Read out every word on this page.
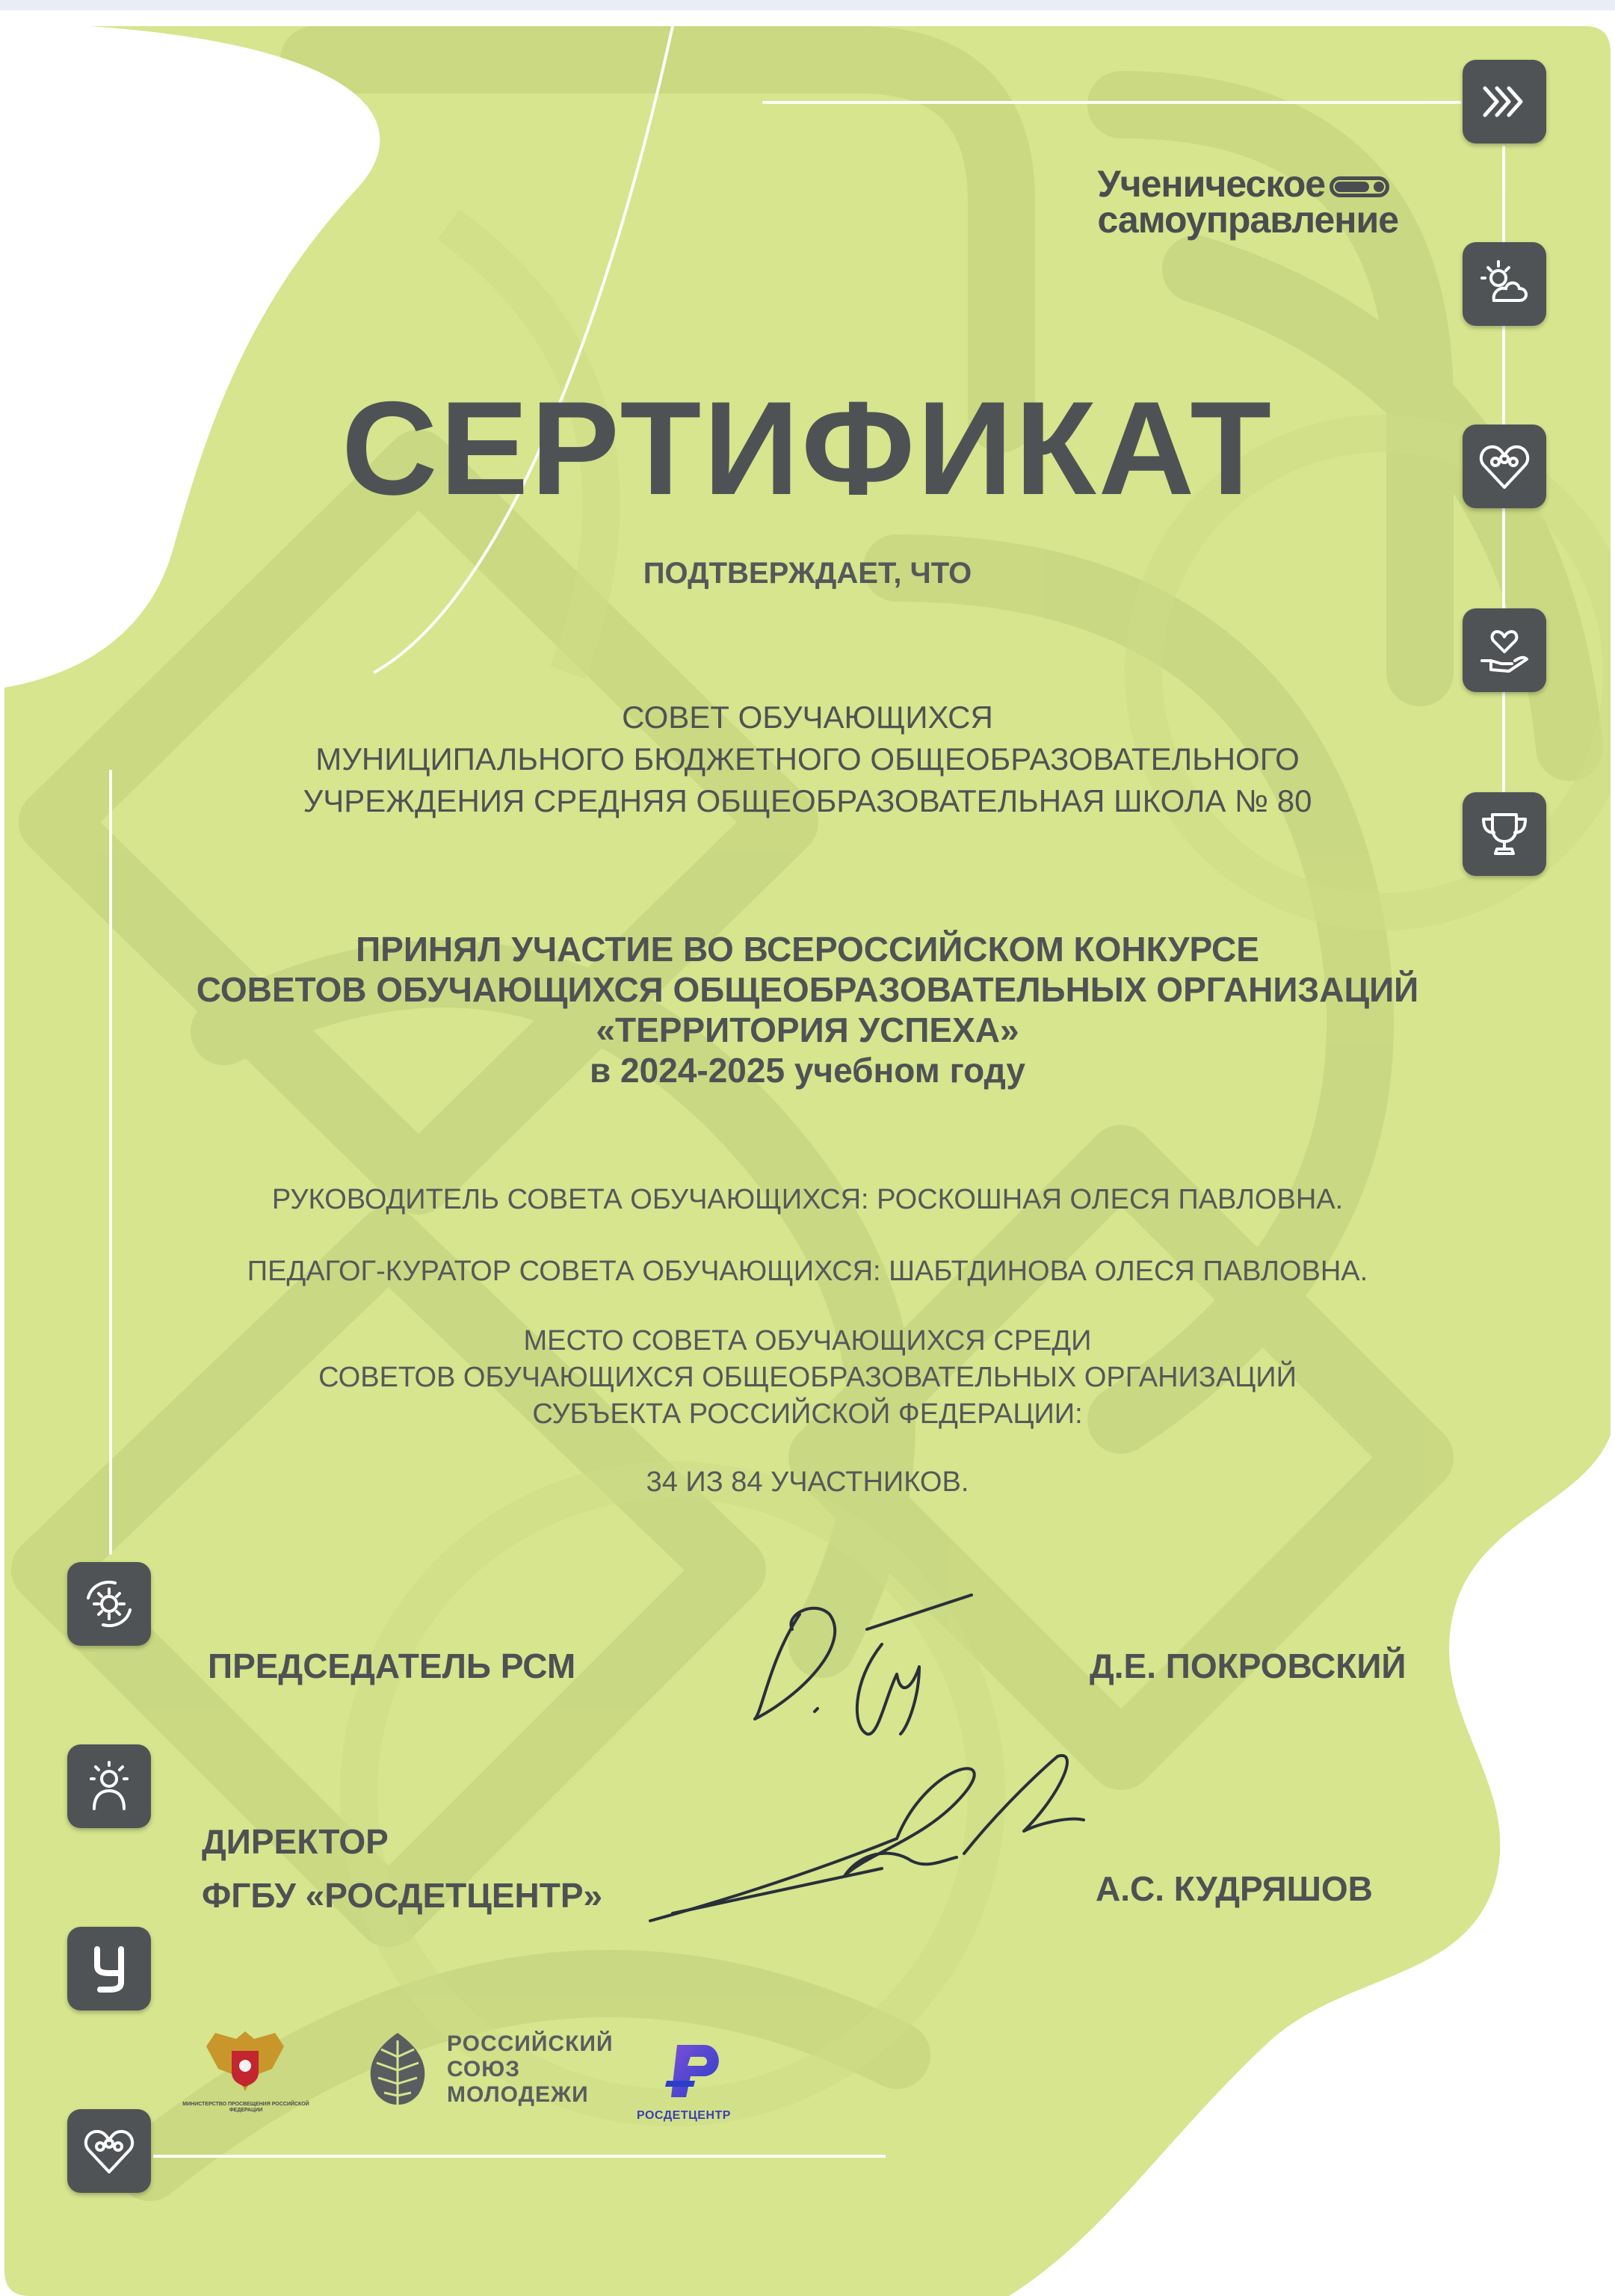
Ученическое
самоуправление
СЕРТИФИКАТ
ПОДТВЕРЖДАЕТ, ЧТО
СОВЕТ ОБУЧАЮЩИХСЯ
МУНИЦИПАЛЬНОГО БЮДЖЕТНОГО ОБЩЕОБРАЗОВАТЕЛЬНОГО
УЧРЕЖДЕНИЯ СРЕДНЯЯ ОБЩЕОБРАЗОВАТЕЛЬНАЯ ШКОЛА № 80
ПРИНЯЛ УЧАСТИЕ ВО ВСЕРОССИЙСКОМ КОНКУРСЕ
СОВЕТОВ ОБУЧАЮЩИХСЯ ОБЩЕОБРАЗОВАТЕЛЬНЫХ ОРГАНИЗАЦИЙ
«ТЕРРИТОРИЯ УСПЕХА»
в 2024-2025 учебном году
РУКОВОДИТЕЛЬ СОВЕТА ОБУЧАЮЩИХСЯ: РОСКОШНАЯ ОЛЕСЯ ПАВЛОВНА.
ПЕДАГОГ-КУРАТОР СОВЕТА ОБУЧАЮЩИХСЯ: ШАБТДИНОВА ОЛЕСЯ ПАВЛОВНА.
МЕСТО СОВЕТА ОБУЧАЮЩИХСЯ СРЕДИ
СОВЕТОВ ОБУЧАЮЩИХСЯ ОБЩЕОБРАЗОВАТЕЛЬНЫХ ОРГАНИЗАЦИЙ
СУБЪЕКТА РОССИЙСКОЙ ФЕДЕРАЦИИ:
34 ИЗ 84 УЧАСТНИКОВ.
ПРЕДСЕДАТЕЛЬ РСМ	Д.Е. ПОКРОВСКИЙ
ДИРЕКТОР
ФГБУ «РОСДЕТЦЕНТР»	А.С. КУДРЯШОВ
МИНИСТЕРСТВО ПРОСВЕЩЕНИЯ РОССИЙСКОЙ ФЕДЕРАЦИИ
РОССИЙСКИЙ
СОЮЗ
МОЛОДЕЖИ
РОСДЕТЦЕНТР
